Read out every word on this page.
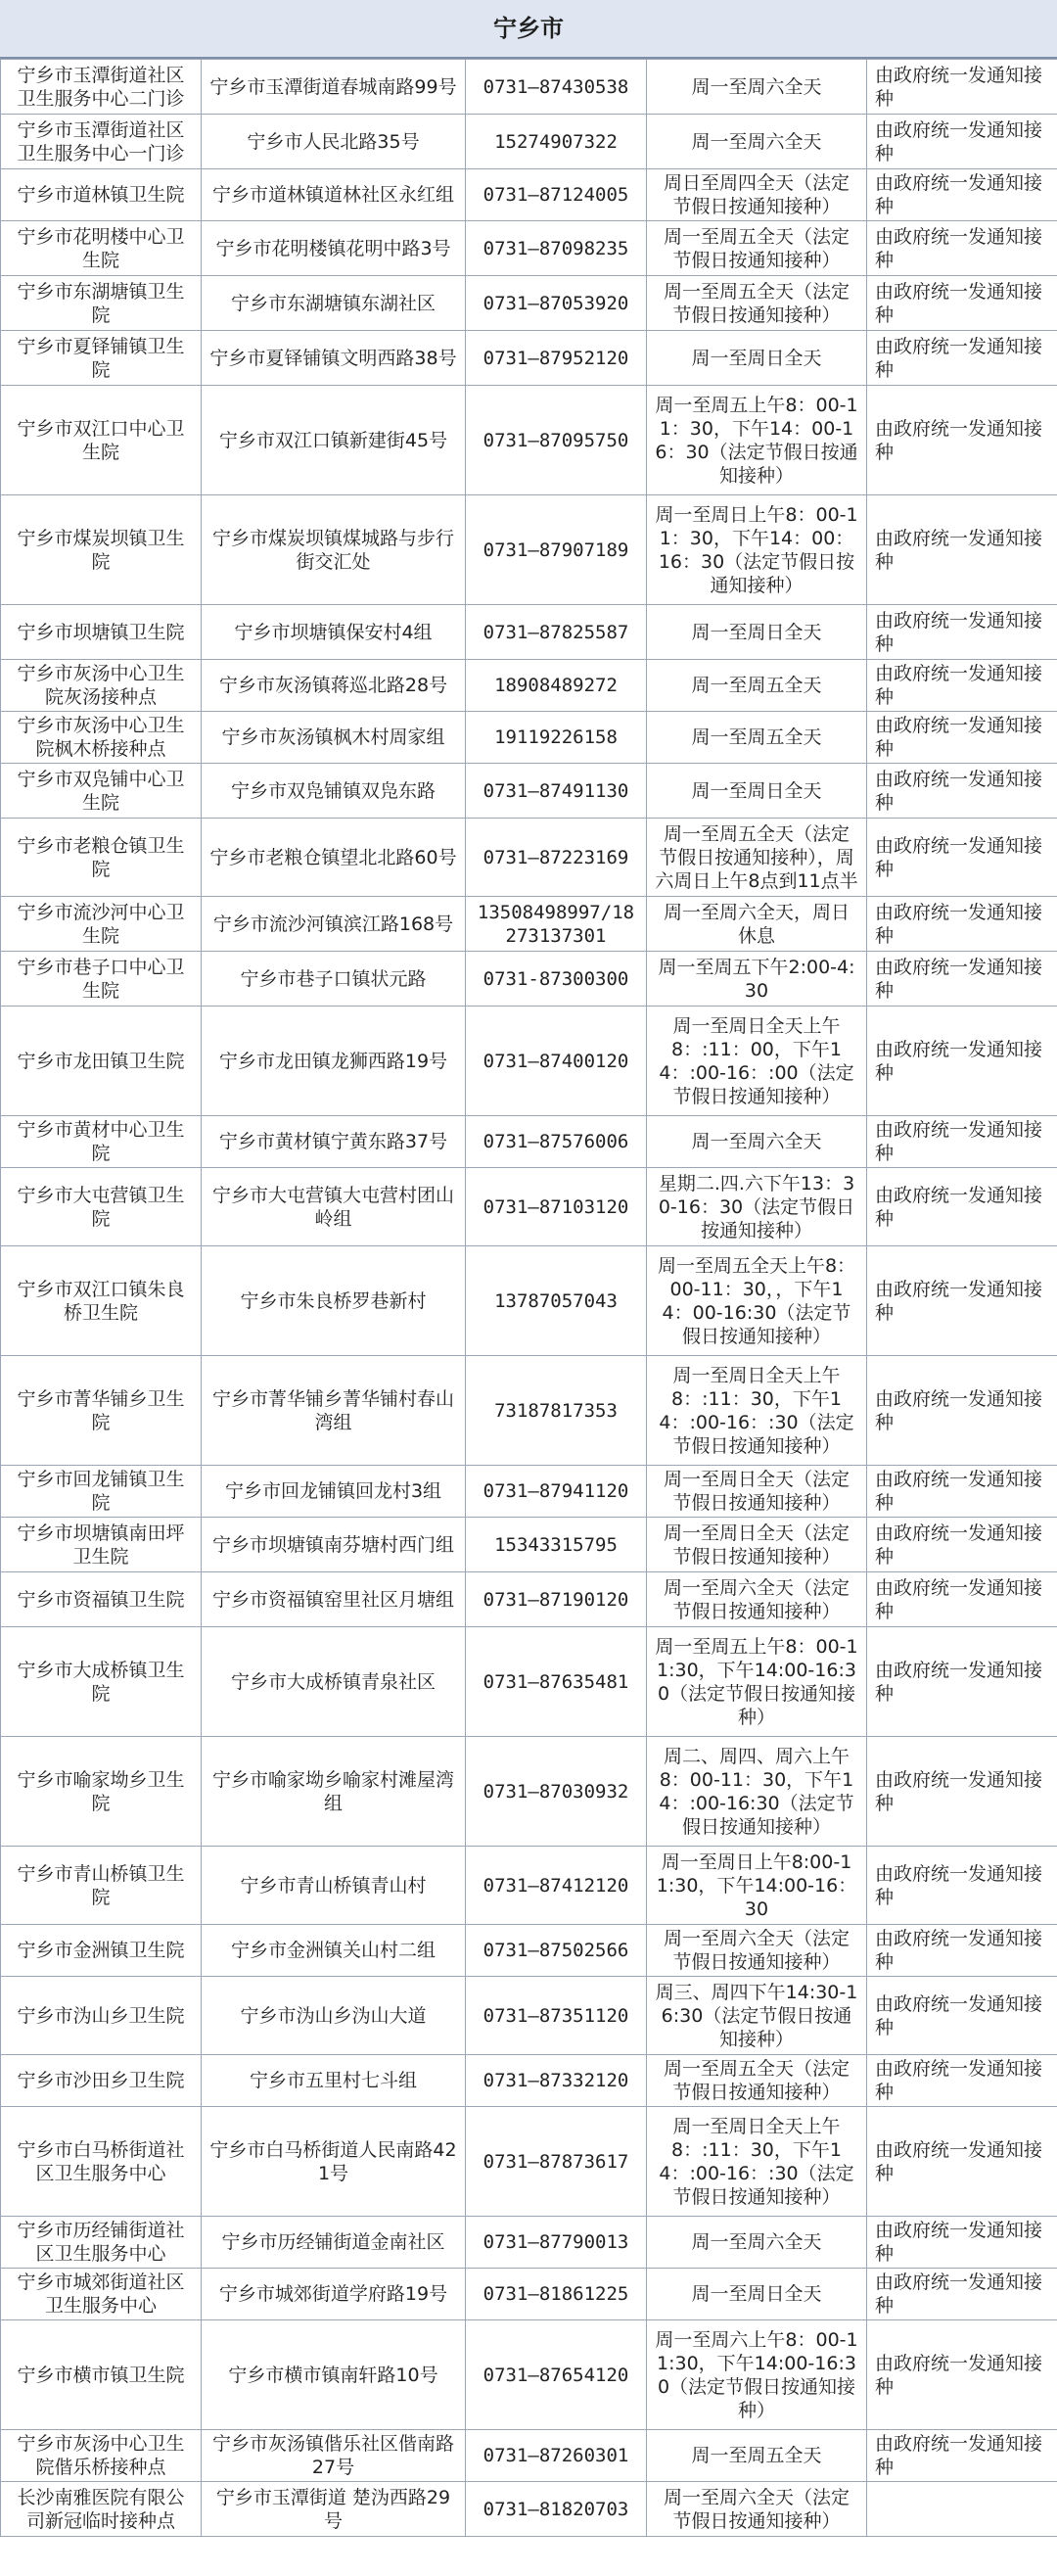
宁乡市
宁乡市玉潭街道社区卫生服务中心二门诊	宁乡市玉潭街道春城南路99号	0731—87430538	周一至周六全天	由政府统一发通知接种
宁乡市玉潭街道社区卫生服务中心一门诊	宁乡市人民北路35号	15274907322	周一至周六全天	由政府统一发通知接种
宁乡市道林镇卫生院	宁乡市道林镇道林社区永红组	0731—87124005	周日至周四全天（法定节假日按通知接种）	由政府统一发通知接种
宁乡市花明楼中心卫生院	宁乡市花明楼镇花明中路3号	0731—87098235	周一至周五全天（法定节假日按通知接种）	由政府统一发通知接种
宁乡市东湖塘镇卫生院	宁乡市东湖塘镇东湖社区	0731—87053920	周一至周五全天（法定节假日按通知接种）	由政府统一发通知接种
宁乡市夏铎铺镇卫生院	宁乡市夏铎铺镇文明西路38号	0731—87952120	周一至周日全天	由政府统一发通知接种
宁乡市双江口中心卫生院	宁乡市双江口镇新建街45号	0731—87095750	周一至周五上午8：00-11：30，下午14：00-16：30（法定节假日按通知接种）	由政府统一发通知接种
宁乡市煤炭坝镇卫生院	宁乡市煤炭坝镇煤城路与步行街交汇处	0731—87907189	周一至周日上午8：00-11：30，下午14：00：16：30（法定节假日按通知接种）	由政府统一发通知接种
宁乡市坝塘镇卫生院	宁乡市坝塘镇保安村4组	0731—87825587	周一至周日全天	由政府统一发通知接种
宁乡市灰汤中心卫生院灰汤接种点	宁乡市灰汤镇蒋巡北路28号	18908489272	周一至周五全天	由政府统一发通知接种
宁乡市灰汤中心卫生院枫木桥接种点	宁乡市灰汤镇枫木村周家组	19119226158	周一至周五全天	由政府统一发通知接种
宁乡市双凫铺中心卫生院	宁乡市双凫铺镇双凫东路	0731—87491130	周一至周日全天	由政府统一发通知接种
宁乡市老粮仓镇卫生院	宁乡市老粮仓镇望北北路60号	0731—87223169	周一至周五全天（法定节假日按通知接种），周六周日上午8点到11点半	由政府统一发通知接种
宁乡市流沙河中心卫生院	宁乡市流沙河镇滨江路168号	13508498997/18273137301	周一至周六全天，周日休息	由政府统一发通知接种
宁乡市巷子口中心卫生院	宁乡市巷子口镇状元路	0731-87300300	周一至周五下午2:00-4:30	由政府统一发通知接种
宁乡市龙田镇卫生院	宁乡市龙田镇龙狮西路19号	0731—87400120	周一至周日全天上午8：:11：00，下午14：:00-16：:00（法定节假日按通知接种）	由政府统一发通知接种
宁乡市黄材中心卫生院	宁乡市黄材镇宁黄东路37号	0731—87576006	周一至周六全天	由政府统一发通知接种
宁乡市大屯营镇卫生院	宁乡市大屯营镇大屯营村团山岭组	0731—87103120	星期二.四.六下午13：30-16：30（法定节假日按通知接种）	由政府统一发通知接种
宁乡市双江口镇朱良桥卫生院	宁乡市朱良桥罗巷新村	13787057043	周一至周五全天上午8：00-11：30，，下午14：00-16:30（法定节假日按通知接种）	由政府统一发通知接种
宁乡市菁华铺乡卫生院	宁乡市菁华铺乡菁华铺村春山湾组	73187817353	周一至周日全天上午8：:11：30，下午14：:00-16：:30（法定节假日按通知接种）	由政府统一发通知接种
宁乡市回龙铺镇卫生院	宁乡市回龙铺镇回龙村3组	0731—87941120	周一至周日全天（法定节假日按通知接种）	由政府统一发通知接种
宁乡市坝塘镇南田坪卫生院	宁乡市坝塘镇南芬塘村西门组	15343315795	周一至周日全天（法定节假日按通知接种）	由政府统一发通知接种
宁乡市资福镇卫生院	宁乡市资福镇窑里社区月塘组	0731—87190120	周一至周六全天（法定节假日按通知接种）	由政府统一发通知接种
宁乡市大成桥镇卫生院	宁乡市大成桥镇青泉社区	0731—87635481	周一至周五上午8：00-11:30，下午14:00-16:30（法定节假日按通知接种）	由政府统一发通知接种
宁乡市喻家坳乡卫生院	宁乡市喻家坳乡喻家村滩屋湾组	0731—87030932	周二、周四、周六上午8：00-11：30，下午14：:00-16:30（法定节假日按通知接种）	由政府统一发通知接种
宁乡市青山桥镇卫生院	宁乡市青山桥镇青山村	0731—87412120	周一至周日上午8:00-11:30，下午14:00-16：30	由政府统一发通知接种
宁乡市金洲镇卫生院	宁乡市金洲镇关山村二组	0731—87502566	周一至周六全天（法定节假日按通知接种）	由政府统一发通知接种
宁乡市沩山乡卫生院	宁乡市沩山乡沩山大道	0731—87351120	周三、周四下午14:30-16:30（法定节假日按通知接种）	由政府统一发通知接种
宁乡市沙田乡卫生院	宁乡市五里村七斗组	0731—87332120	周一至周五全天（法定节假日按通知接种）	由政府统一发通知接种
宁乡市白马桥街道社区卫生服务中心	宁乡市白马桥街道人民南路421号	0731—87873617	周一至周日全天上午8：:11：30，下午14：:00-16：:30（法定节假日按通知接种）	由政府统一发通知接种
宁乡市历经铺街道社区卫生服务中心	宁乡市历经铺街道金南社区	0731—87790013	周一至周六全天	由政府统一发通知接种
宁乡市城郊街道社区卫生服务中心	宁乡市城郊街道学府路19号	0731—81861225	周一至周日全天	由政府统一发通知接种
宁乡市横市镇卫生院	宁乡市横市镇南轩路10号	0731—87654120	周一至周六上午8：00-11:30，下午14:00-16:30（法定节假日按通知接种）	由政府统一发通知接种
宁乡市灰汤中心卫生院偕乐桥接种点	宁乡市灰汤镇偕乐社区偕南路27号	0731—87260301	周一至周五全天	由政府统一发通知接种
长沙南雅医院有限公司新冠临时接种点	宁乡市玉潭街道 楚沩西路29号	0731—81820703	周一至周六全天（法定节假日按通知接种）	
